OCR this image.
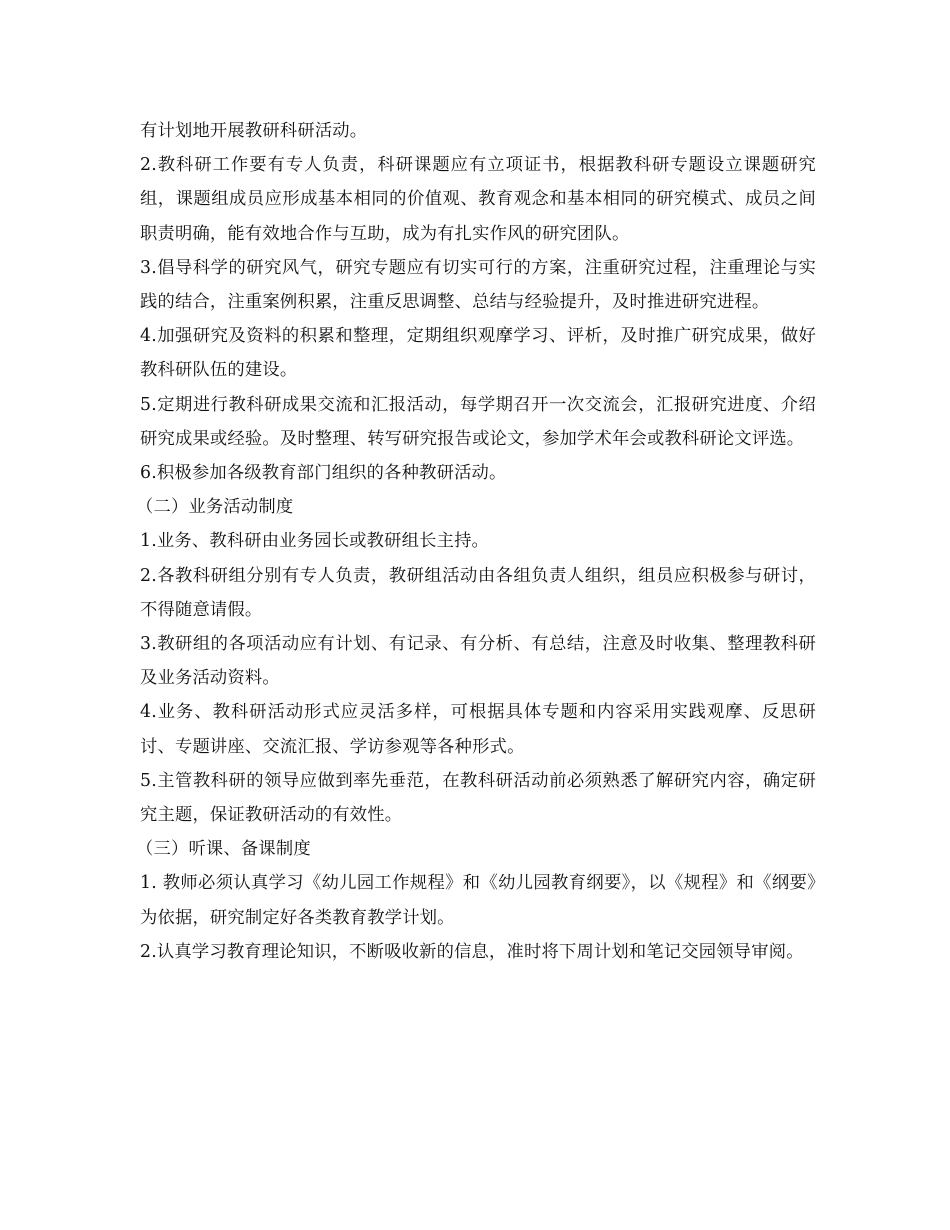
有计划地开展教研科研活动。

2.教科研工作要有专人负责，科研课题应有立项证书，根据教科研专题设立课题研究组，课题组成员应形成基本相同的价值观、教育观念和基本相同的研究模式、成员之间职责明确，能有效地合作与互助，成为有扎实作风的研究团队。

3.倡导科学的研究风气，研究专题应有切实可行的方案，注重研究过程，注重理论与实践的结合，注重案例积累，注重反思调整、总结与经验提升，及时推进研究进程。

4.加强研究及资料的积累和整理，定期组织观摩学习、评析，及时推广研究成果，做好教科研队伍的建设。

5.定期进行教科研成果交流和汇报活动，每学期召开一次交流会，汇报研究进度、介绍研究成果或经验。及时整理、转写研究报告或论文，参加学术年会或教科研论文评选。

6.积极参加各级教育部门组织的各种教研活动。

（二）业务活动制度

1.业务、教科研由业务园长或教研组长主持。

2.各教科研组分别有专人负责，教研组活动由各组负责人组织，组员应积极参与研讨，不得随意请假。

3.教研组的各项活动应有计划、有记录、有分析、有总结，注意及时收集、整理教科研及业务活动资料。

4.业务、教科研活动形式应灵活多样，可根据具体专题和内容采用实践观摩、反思研讨、专题讲座、交流汇报、学访参观等各种形式。

5.主管教科研的领导应做到率先垂范，在教科研活动前必须熟悉了解研究内容，确定研究主题，保证教研活动的有效性。

（三）听课、备课制度

1. 教师必须认真学习《幼儿园工作规程》和《幼儿园教育纲要》，以《规程》和《纲要》为依据，研究制定好各类教育教学计划。

2.认真学习教育理论知识，不断吸收新的信息，准时将下周计划和笔记交园领导审阅。
